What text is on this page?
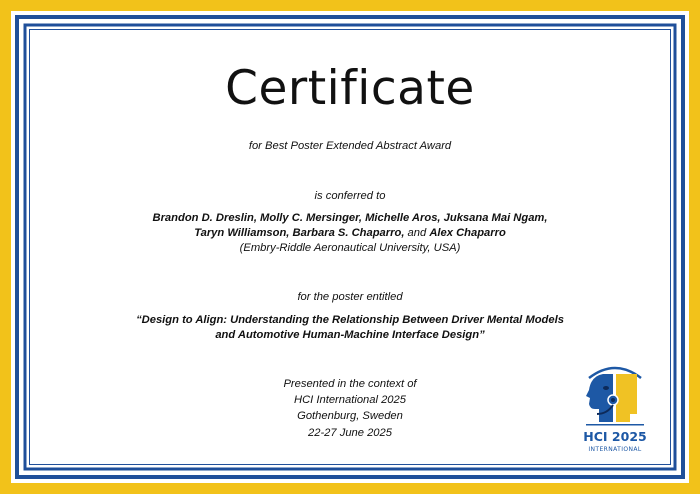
Certificate
for Best Poster Extended Abstract Award
is conferred to
Brandon D. Dreslin, Molly C. Mersinger, Michelle Aros, Juksana Mai Ngam,
Taryn Williamson, Barbara S. Chaparro, and Alex Chaparro
(Embry-Riddle Aeronautical University, USA)
for the poster entitled
“Design to Align: Understanding the Relationship Between Driver Mental Models
and Automotive Human-Machine Interface Design”
Presented in the context of
HCI International 2025
Gothenburg, Sweden
22-27 June 2025	HCI 2025
INTERNATIONAL
